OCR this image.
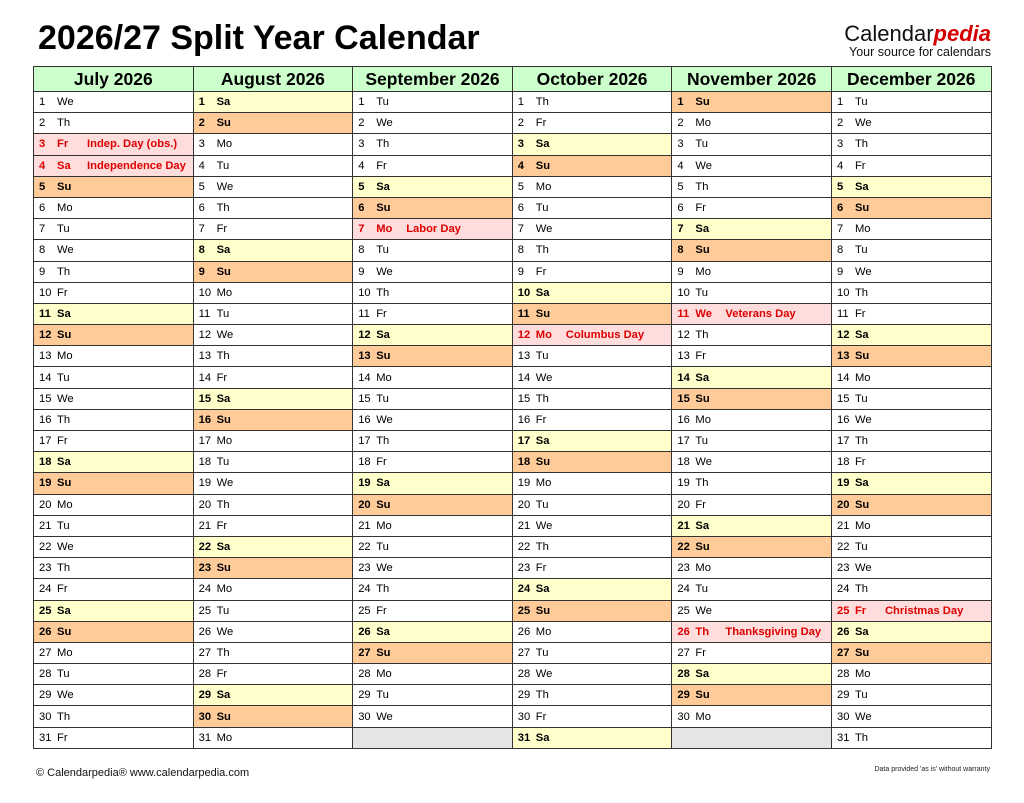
2026/27 Split Year Calendar	Calendarpedia
Your source for calendars
July 2026	August 2026	September 2026	October 2026	November 2026	December 2026
1 We	1 Sa	1 Tu	1 Th	1 Su	1 Tu
2 Th	2 Su	2 We	2 Fr	2 Mo	2 We
3 Fr Indep. Day (obs.)	3 Mo	3 Th	3 Sa	3 Tu	3 Th
4 Sa Independence Day	4 Tu	4 Fr	4 Su	4 We	4 Fr
5 Su	5 We	5 Sa	5 Mo	5 Th	5 Sa
6 Mo	6 Th	6 Su	6 Tu	6 Fr	6 Su
7 Tu	7 Fr	7 Mo Labor Day	7 We	7 Sa	7 Mo
8 We	8 Sa	8 Tu	8 Th	8 Su	8 Tu
9 Th	9 Su	9 We	9 Fr	9 Mo	9 We
10 Fr	10 Mo	10 Th	10 Sa	10 Tu	10 Th
11 Sa	11 Tu	11 Fr	11 Su	11 We Veterans Day	11 Fr
12 Su	12 We	12 Sa	12 Mo Columbus Day	12 Th	12 Sa
13 Mo	13 Th	13 Su	13 Tu	13 Fr	13 Su
14 Tu	14 Fr	14 Mo	14 We	14 Sa	14 Mo
15 We	15 Sa	15 Tu	15 Th	15 Su	15 Tu
16 Th	16 Su	16 We	16 Fr	16 Mo	16 We
17 Fr	17 Mo	17 Th	17 Sa	17 Tu	17 Th
18 Sa	18 Tu	18 Fr	18 Su	18 We	18 Fr
19 Su	19 We	19 Sa	19 Mo	19 Th	19 Sa
20 Mo	20 Th	20 Su	20 Tu	20 Fr	20 Su
21 Tu	21 Fr	21 Mo	21 We	21 Sa	21 Mo
22 We	22 Sa	22 Tu	22 Th	22 Su	22 Tu
23 Th	23 Su	23 We	23 Fr	23 Mo	23 We
24 Fr	24 Mo	24 Th	24 Sa	24 Tu	24 Th
25 Sa	25 Tu	25 Fr	25 Su	25 We	25 Fr Christmas Day
26 Su	26 We	26 Sa	26 Mo	26 Th Thanksgiving Day	26 Sa
27 Mo	27 Th	27 Su	27 Tu	27 Fr	27 Su
28 Tu	28 Fr	28 Mo	28 We	28 Sa	28 Mo
29 We	29 Sa	29 Tu	29 Th	29 Su	29 Tu
30 Th	30 Su	30 We	30 Fr	30 Mo	30 We
31 Fr	31 Mo		31 Sa		31 Th
© Calendarpedia® www.calendarpedia.com	Data provided 'as is' without warranty
